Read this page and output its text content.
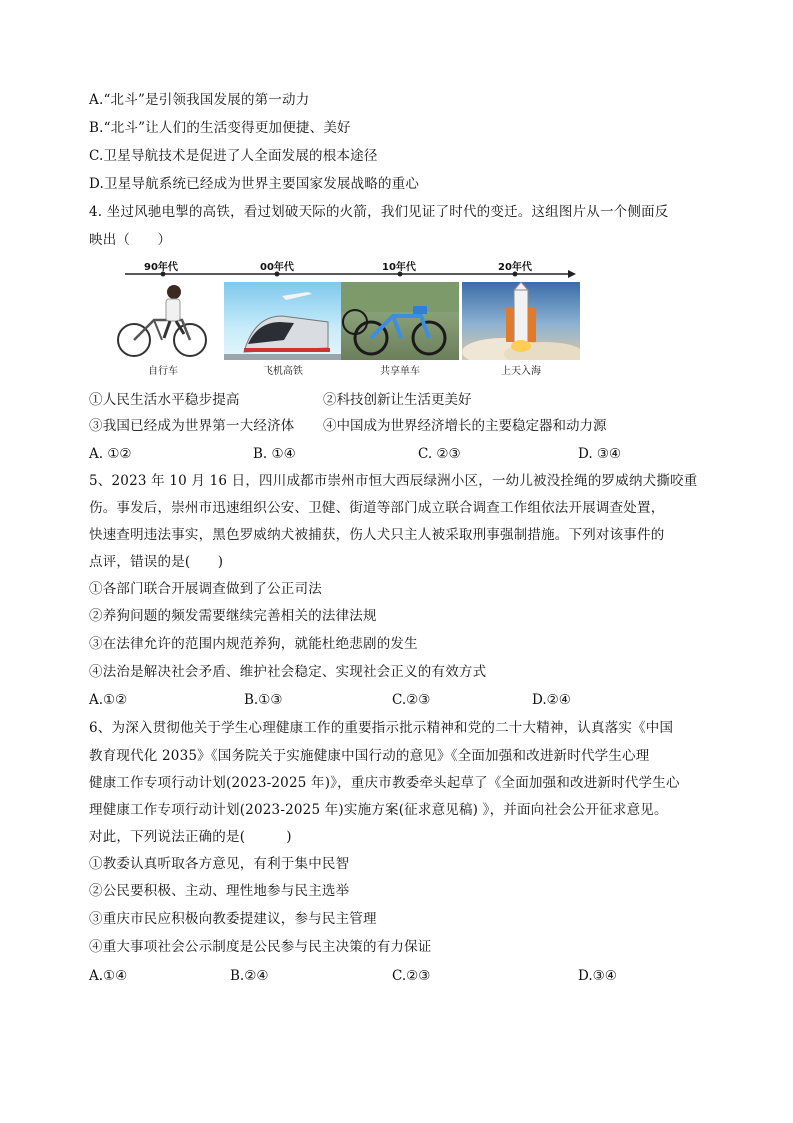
A.“北斗”是引领我国发展的第一动力
B.“北斗”让人们的生活变得更加便捷、美好
C.卫星导航技术是促进了人全面发展的根本途径
D.卫星导航系统已经成为世界主要国家发展战略的重心
4. 坐过风驰电掣的高铁，看过划破天际的火箭，我们见证了时代的变迁。这组图片从一个侧面反
映出（　　）
90年代	00年代	10年代	20年代
自行车	飞机高铁	共享单车	上天入海
①人民生活水平稳步提高	②科技创新让生活更美好
③我国已经成为世界第一大经济体 ④中国成为世界经济增长的主要稳定器和动力源
A. ①②	B. ①④	C. ②③	D. ③④
5、2023 年 10 月 16 日，四川成都市崇州市恒大西辰绿洲小区，一幼儿被没拴绳的罗威纳犬撕咬重
伤。事发后，崇州市迅速组织公安、卫健、街道等部门成立联合调查工作组依法开展调查处置，
快速查明违法事实，黑色罗威纳犬被捕获，伤人犬只主人被采取刑事强制措施。下列对该事件的
点评，错误的是(　　)
①各部门联合开展调查做到了公正司法
②养狗问题的频发需要继续完善相关的法律法规
③在法律允许的范围内规范养狗，就能杜绝悲剧的发生
④法治是解决社会矛盾、维护社会稳定、实现社会正义的有效方式
A.①②	B.①③	C.②③	D.②④
6、为深入贯彻他关于学生心理健康工作的重要指示批示精神和党的二十大精神，认真落实《中国
教育现代化 2035》《国务院关于实施健康中国行动的意见》《全面加强和改进新时代学生心理
健康工作专项行动计划(2023-2025 年)》，重庆市教委牵头起草了《全面加强和改进新时代学生心
理健康工作专项行动计划(2023-2025 年)实施方案(征求意见稿) 》，并面向社会公开征求意见。
对此，下列说法正确的是(　　　)
①教委认真听取各方意见，有利于集中民智
②公民要积极、主动、理性地参与民主选举
③重庆市民应积极向教委提建议，参与民主管理
④重大事项社会公示制度是公民参与民主决策的有力保证
A.①④	B.②④	C.②③	D.③④
